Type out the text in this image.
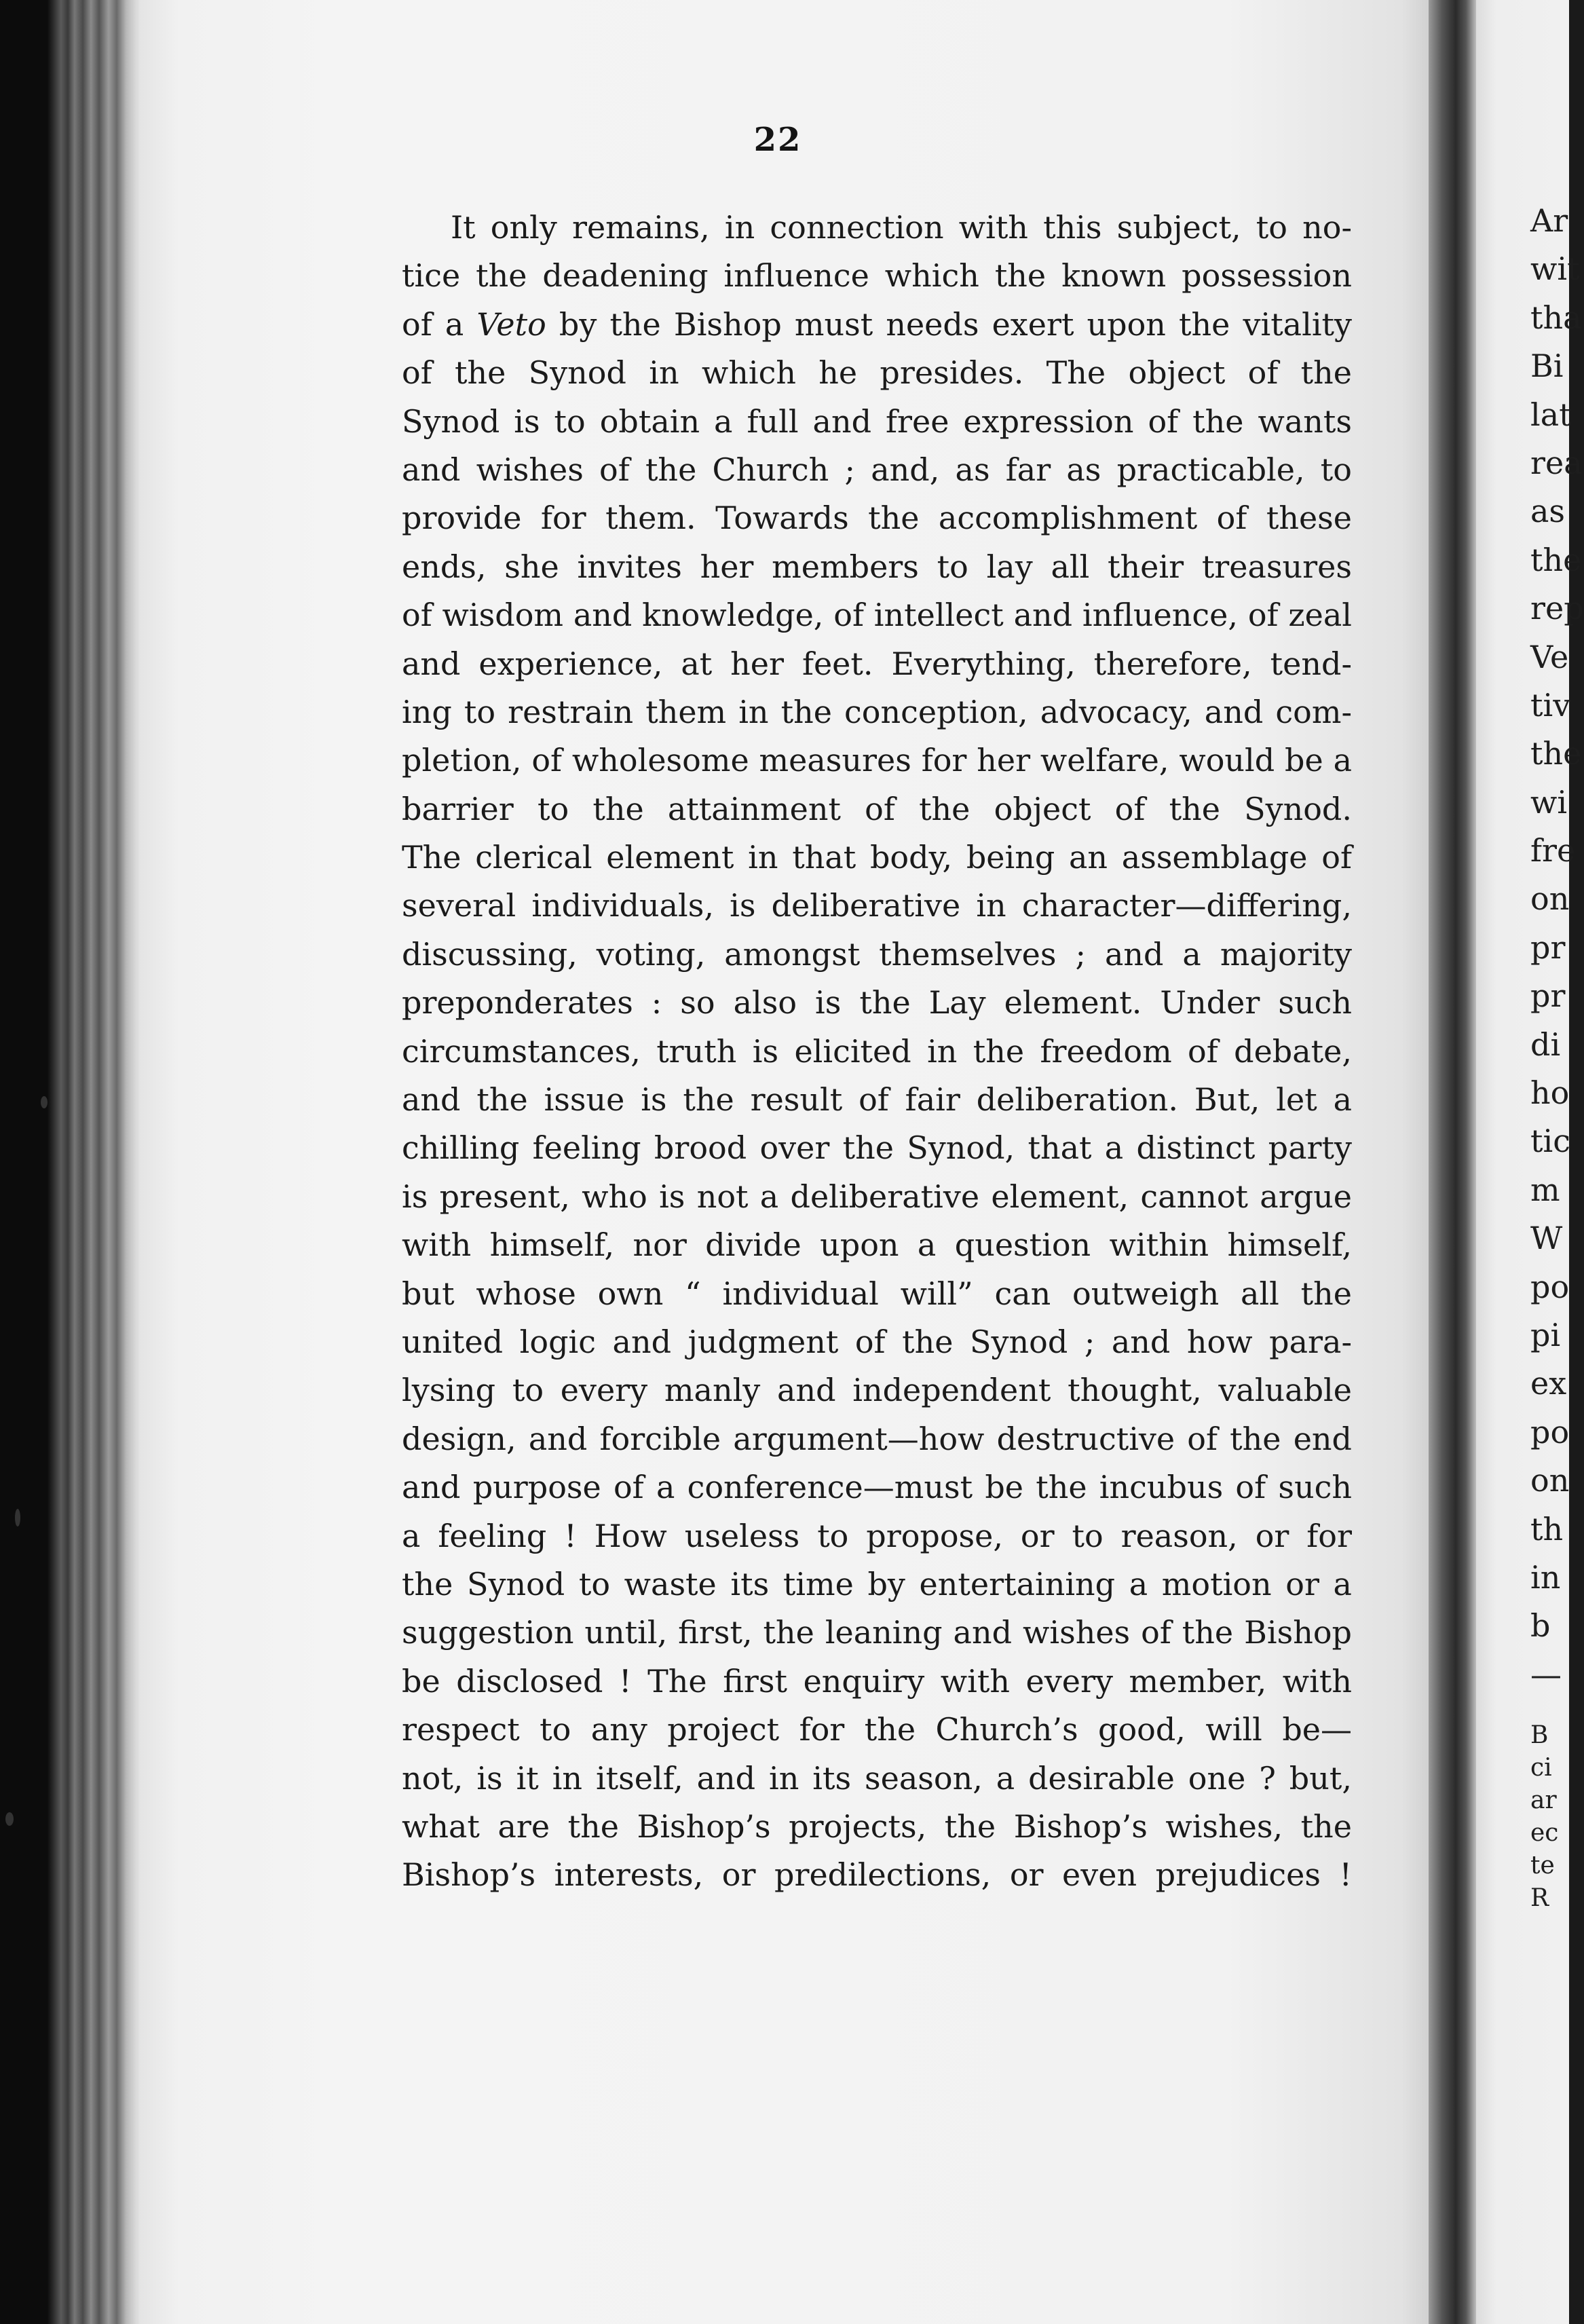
Ar
wit
tha
Bi
lat
rea
as
the
rep
Ve
tiv
the
wi
fre
on
pr
pr
di
ho
tic
m
W
po
pi
ex
po
on
th
in
b
—
B
ci
ar
ec
te
R
22
It only remains, in connection with this subject, to no-
tice the deadening influence which the known possession
of a Veto by the Bishop must needs exert upon the vitality
of the Synod in which he presides. The object of the
Synod is to obtain a full and free expression of the wants
and wishes of the Church ; and, as far as practicable, to
provide for them. Towards the accomplishment of these
ends, she invites her members to lay all their treasures
of wisdom and knowledge, of intellect and influence, of zeal
and experience, at her feet. Everything, therefore, tend-
ing to restrain them in the conception, advocacy, and com-
pletion, of wholesome measures for her welfare, would be a
barrier to the attainment of the object of the Synod.
The clerical element in that body, being an assemblage of
several individuals, is deliberative in character—differing,
discussing, voting, amongst themselves ; and a majority
preponderates : so also is the Lay element. Under such
circumstances, truth is elicited in the freedom of debate,
and the issue is the result of fair deliberation. But, let a
chilling feeling brood over the Synod, that a distinct party
is present, who is not a deliberative element, cannot argue
with himself, nor divide upon a question within himself,
but whose own “ individual will” can outweigh all the
united logic and judgment of the Synod ; and how para-
lysing to every manly and independent thought, valuable
design, and forcible argument—how destructive of the end
and purpose of a conference—must be the incubus of such
a feeling ! How useless to propose, or to reason, or for
the Synod to waste its time by entertaining a motion or a
suggestion until, first, the leaning and wishes of the Bishop
be disclosed ! The first enquiry with every member, with
respect to any project for the Church’s good, will be—
not, is it in itself, and in its season, a desirable one ? but,
what are the Bishop’s projects, the Bishop’s wishes, the
Bishop’s interests, or predilections, or even prejudices !
